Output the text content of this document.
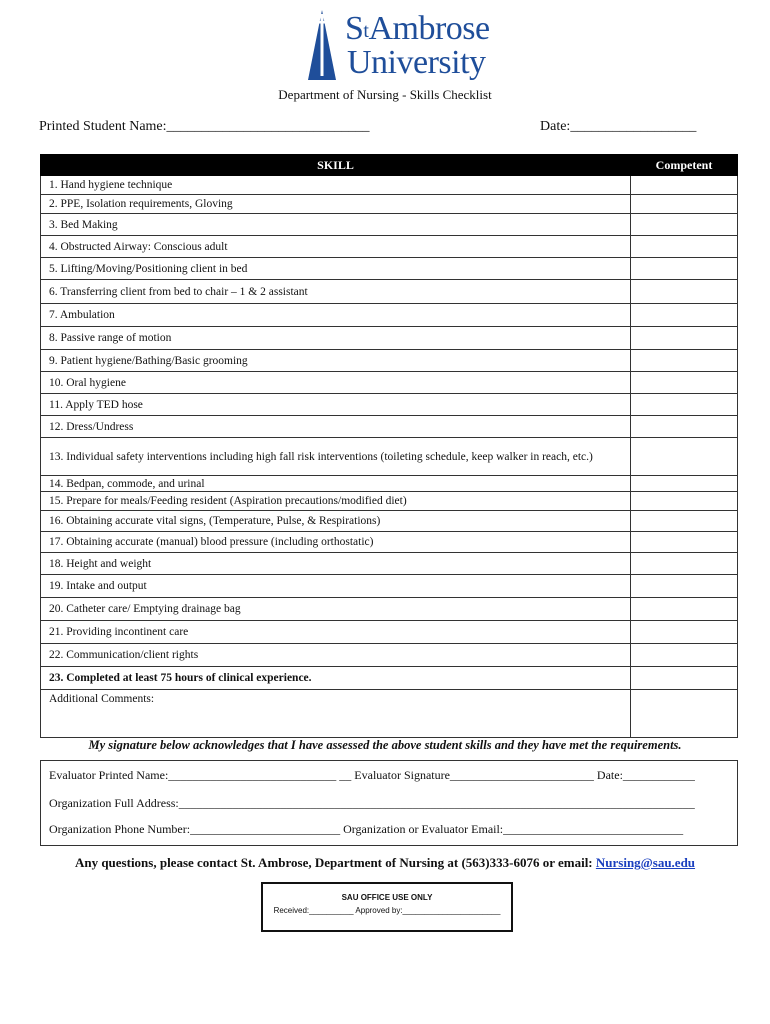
$S^tAmbrose$
University
Department of Nursing - Skills Checklist
Printed Student Name:_____________________________	Date:__________________
SKILL	Competent
1. Hand hygiene technique	
2. PPE, Isolation requirements, Gloving	
3. Bed Making	
4. Obstructed Airway: Conscious adult	
5. Lifting/Moving/Positioning client in bed	
6. Transferring client from bed to chair – 1 & 2 assistant	
7. Ambulation	
8. Passive range of motion	
9. Patient hygiene/Bathing/Basic grooming	
10. Oral hygiene	
11. Apply TED hose	
12. Dress/Undress	
13. Individual safety interventions including high fall risk interventions (toileting schedule, keep walker in reach, etc.)	
14. Bedpan, commode, and urinal	
15. Prepare for meals/Feeding resident (Aspiration precautions/modified diet)	
16. Obtaining accurate vital signs, (Temperature, Pulse, & Respirations)	
17. Obtaining accurate (manual) blood pressure (including orthostatic)	
18. Height and weight	
19. Intake and output	
20. Catheter care/ Emptying drainage bag	
21. Providing incontinent care	
22. Communication/client rights	
23. Completed at least 75 hours of clinical experience.	
Additional Comments:	
My signature below acknowledges that I have assessed the above student skills and they have met the requirements.
Evaluator Printed Name:____________________________ __ Evaluator Signature________________________ Date:____________
Organization Full Address:______________________________________________________________________________________
Organization Phone Number:_________________________ Organization or Evaluator Email:______________________________
Any questions, please contact St. Ambrose, Department of Nursing at (563)333-6076 or email: Nursing@sau.edu
SAU OFFICE USE ONLY
Received:__________ Approved by:______________________
